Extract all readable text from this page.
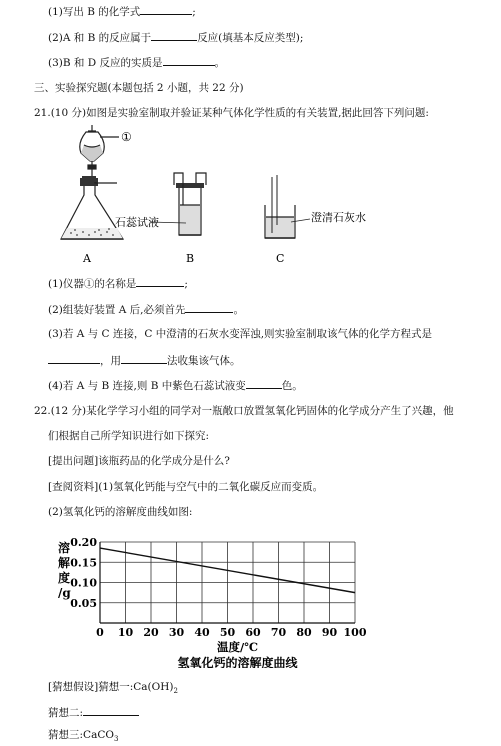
(1)写出 B 的化学式	;
(2)A 和 B 的反应属于	反应(填基本反应类型);
(3)B 和 D 反应的实质是	。
三、实验探究题(本题包括 2 小题，共 22 分)
21.(10 分)如图是实验室制取并验证某种气体化学性质的有关装置,据此回答下列问题:
①
A
石蕊试液
B
澄清石灰水
C
(1)仪器①的名称是	;
(2)组装好装置 A 后,必须首先	。
(3)若 A 与 C 连接，C 中澄清的石灰水变浑浊,则实验室制取该气体的化学方程式是
，用	法收集该气体。
(4)若 A 与 B 连接,则 B 中紫色石蕊试液变	色。
22.(12 分)某化学学习小组的同学对一瓶敞口放置氢氧化钙固体的化学成分产生了兴趣，他
们根据自己所学知识进行如下探究:
[提出问题]该瓶药品的化学成分是什么?
[查阅资料](1)氢氧化钙能与空气中的二氧化碳反应而变质。
(2)氢氧化钙的溶解度曲线如图:
溶
解
度
/g
0.05
0.10
0.15
0.20
0 10 20 30 40 50 60 70 80 90 100
温度/℃
氢氧化钙的溶解度曲线
[猜想假设]猜想一$:Ca(OH)_2$
猜想二:
猜想三:CaCO$_3$
